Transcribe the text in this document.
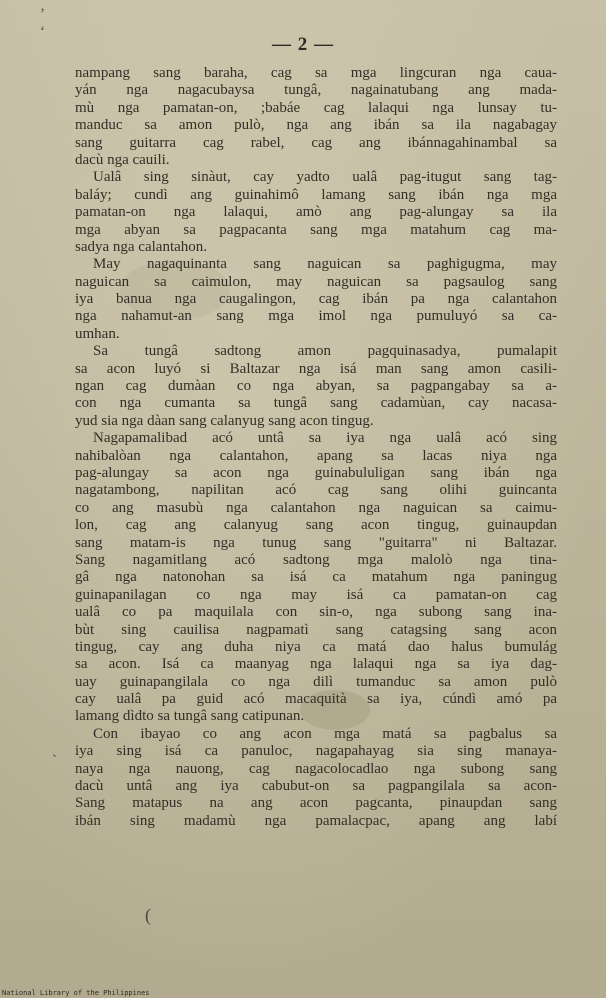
’
‘
(
ˏ
— 2 —
nampang sang baraha, cag sa mga lingcuran nga caua-
yán nga nagacubaysa tungâ, nagainatubang ang mada-
mù nga pamatan-on, ;babáe cag lalaqui nga lunsay tu-
manduc sa amon pulò, nga ang ibán sa ila nagabagay
sang guitarra cag rabel, cag ang ibánnagahinambal sa
dacù nga cauili.
Ualâ sing sinàut, cay yadto ualâ pag-itugut sang tag-
baláy; cundì ang guinahimô lamang sang ibán nga mga
pamatan-on nga lalaqui, amò ang pag-alungay sa ila
mga abyan sa pagpacanta sang mga matahum cag ma-
sadya nga calantahon.
May nagaquinanta sang naguican sa paghigugma, may
naguican sa caimulon, may naguican sa pagsaulog sang
iya banua nga caugalingon, cag ibán pa nga calantahon
nga nahamut-an sang mga imol nga pumuluyó sa ca-
umhan.
Sa tungâ sadtong amon pagquinasadya, pumalapit
sa acon luyó si Baltazar nga isá man sang amon casili-
ngan cag dumàan co nga abyan, sa pagpangabay sa a-
con nga cumanta sa tungâ sang cadamùan, cay nacasa-
yud sia nga dàan sang calanyug sang acon tingug.
Nagapamalibad acó untâ sa iya nga ualâ acó sing
nahibalòan nga calantahon, apang sa lacas niya nga
pag-alungay sa acon nga guinabululigan sang ibán nga
nagatambong, napilitan acó cag sang olihi guincanta
co ang masubù nga calantahon nga naguican sa caimu-
lon, cag ang calanyug sang acon tingug, guinaupdan
sang matam-is nga tunug sang "guitarra" ni Baltazar.
Sang nagamitlang acó sadtong mga malolò nga tina-
gâ nga natonohan sa isá ca matahum nga paningug
guinapanilagan co nga may isá ca pamatan-on cag
ualâ co pa maquilala con sin-o, nga subong sang ina-
bùt sing cauilisa nagpamatì sang catagsing sang acon
tingug, cay ang duha niya ca matá dao halus bumulág
sa acon. Isá ca maanyag nga lalaqui nga sa iya dag-
uay guinapangilala co nga dilì tumanduc sa amon pulò
cay ualâ pa guid acó macaquità sa iya, cúndì amó pa
lamang dìdto sa tungâ sang catipunan.
Con ibayao co ang acon mga matá sa pagbalus sa
iya sing isá ca panuloc, nagapahayag sia sing manaya-
naya nga nauong, cag nagacolocadlao nga subong sang
dacù untâ ang iya cabubut-on sa pagpangilala sa acon-
Sang matapus na ang acon pagcanta, pinaupdan sang
ibán sing madamù nga pamalacpac, apang ang labí
National Library of the Philippines
